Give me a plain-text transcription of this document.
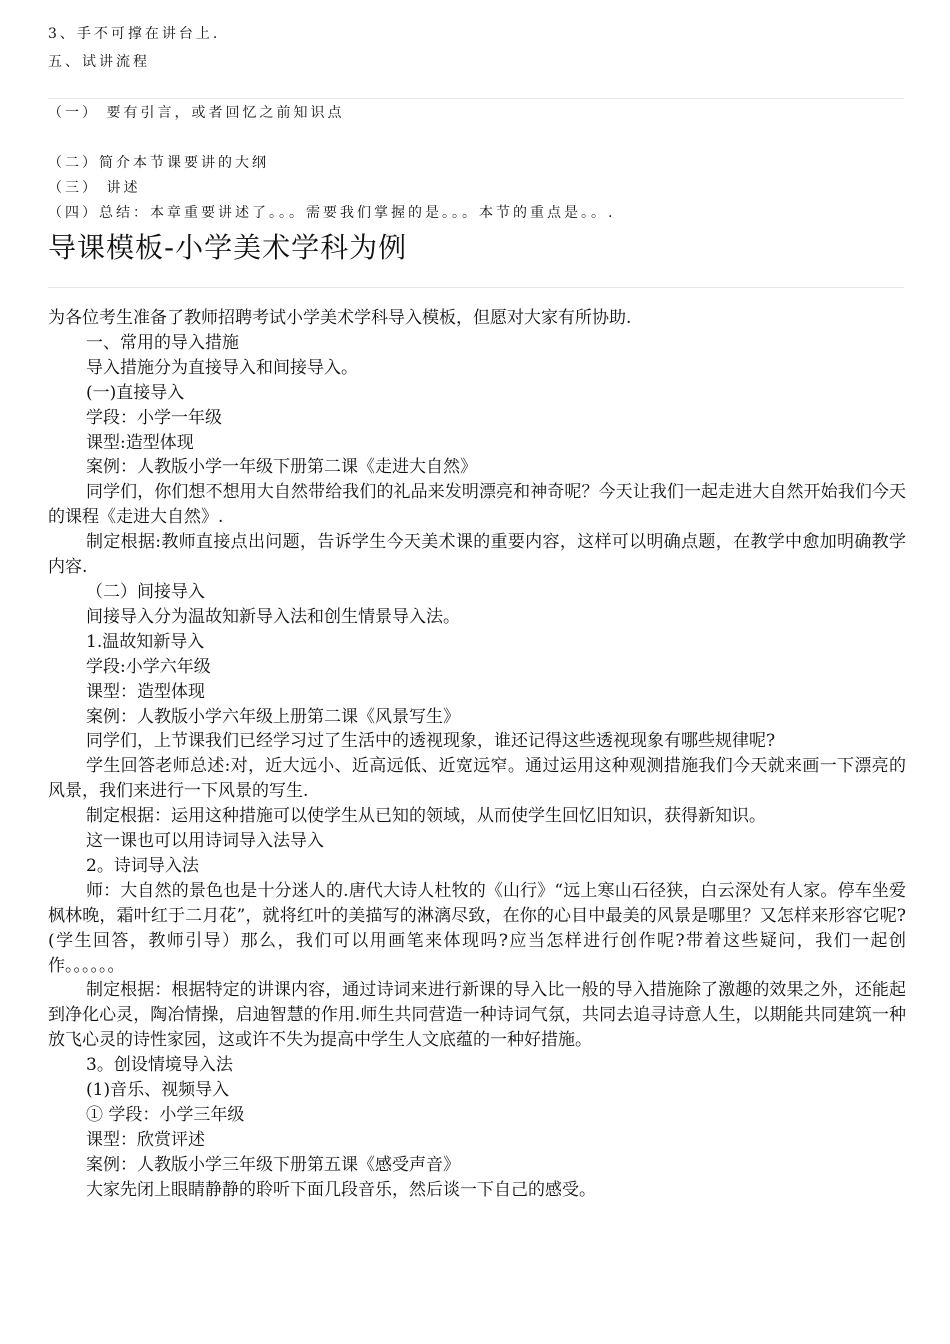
3、手不可撑在讲台上.
五、试讲流程
（一） 要有引言，或者回忆之前知识点
（二）简介本节课要讲的大纲
（三） 讲述
（四）总结：本章重要讲述了。。。需要我们掌握的是。。。本节的重点是。。.
导课模板-小学美术学科为例

为各位考生准备了教师招聘考试小学美术学科导入模板，但愿对大家有所协助.

一、常用的导入措施

导入措施分为直接导入和间接导入。

(一)直接导入

学段：小学一年级

课型:造型体现

案例：人教版小学一年级下册第二课《走进大自然》

同学们，你们想不想用大自然带给我们的礼品来发明漂亮和神奇呢？今天让我们一起走进大自然开始我们今天的课程《走进大自然》.

制定根据:教师直接点出问题，告诉学生今天美术课的重要内容，这样可以明确点题，在教学中愈加明确教学内容.

（二）间接导入

间接导入分为温故知新导入法和创生情景导入法。

1.温故知新导入

学段:小学六年级

课型：造型体现

案例：人教版小学六年级上册第二课《风景写生》

同学们，上节课我们已经学习过了生活中的透视现象，谁还记得这些透视现象有哪些规律呢?

学生回答老师总述:对，近大远小、近高远低、近宽远窄。通过运用这种观测措施我们今天就来画一下漂亮的风景，我们来进行一下风景的写生.

制定根据：运用这种措施可以使学生从已知的领域，从而使学生回忆旧知识，获得新知识。

这一课也可以用诗词导入法导入

2。诗词导入法

师：大自然的景色也是十分迷人的.唐代大诗人杜牧的《山行》“远上寒山石径狭，白云深处有人家。停车坐爱枫林晚，霜叶红于二月花”，就将红叶的美描写的淋漓尽致，在你的心目中最美的风景是哪里？又怎样来形容它呢?(学生回答，教师引导）那么，我们可以用画笔来体现吗?应当怎样进行创作呢?带着这些疑问，我们一起创作。。。。。。

制定根据：根据特定的讲课内容，通过诗词来进行新课的导入比一般的导入措施除了激趣的效果之外，还能起到净化心灵，陶冶情操，启迪智慧的作用.师生共同营造一种诗词气氛，共同去追寻诗意人生，以期能共同建筑一种放飞心灵的诗性家园，这或许不失为提高中学生人文底蕴的一种好措施。

3。创设情境导入法

(1)音乐、视频导入

① 学段：小学三年级

课型：欣赏评述

案例：人教版小学三年级下册第五课《感受声音》

大家先闭上眼睛静静的聆听下面几段音乐，然后谈一下自己的感受。
